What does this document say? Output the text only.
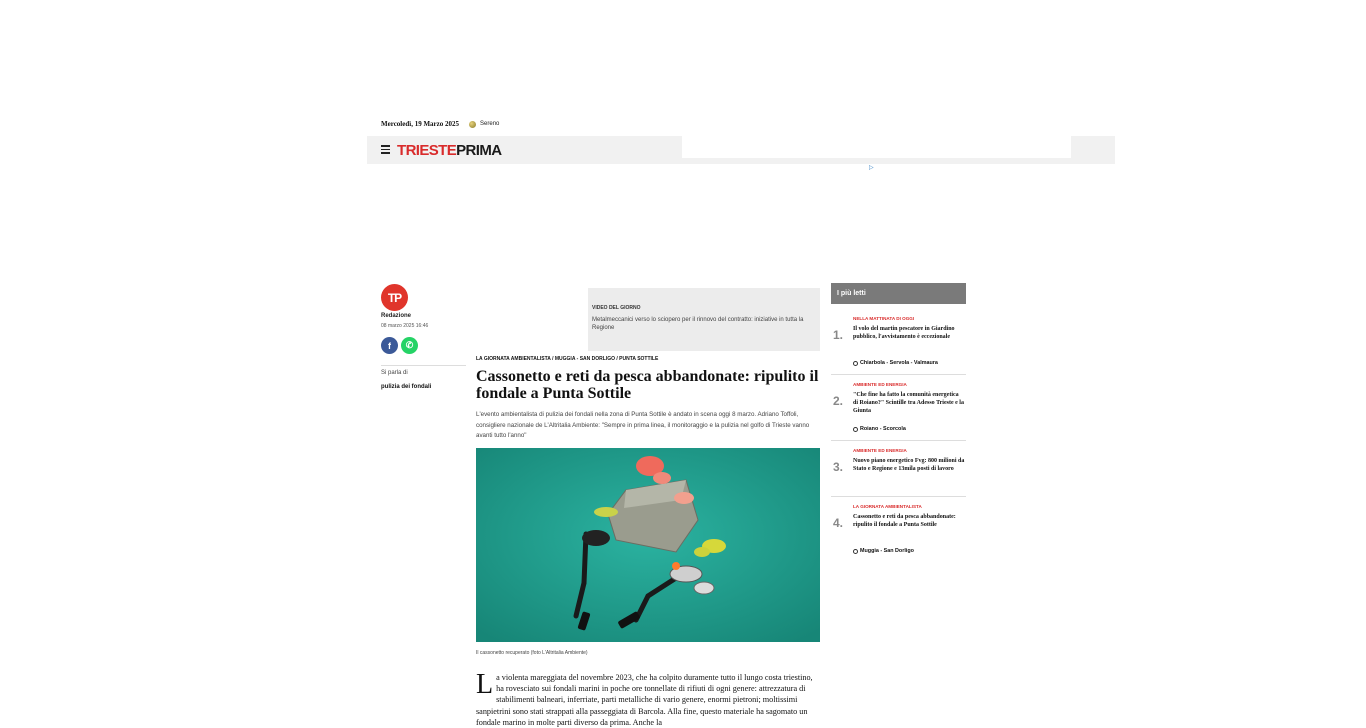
Mercoledì, 19 Marzo 2025	Sereno
TRIESTEPRIMA
▷
TP
Redazione
08 marzo 2025 16:46
f	✆
Si parla di
pulizia dei fondali
VIDEO DEL GIORNO
Metalmeccanici verso lo sciopero per il rinnovo del contratto: iniziative in tutta la Regione
LA GIORNATA AMBIENTALISTA / MUGGIA - SAN DORLIGO / PUNTA SOTTILE
Cassonetto e reti da pesca abbandonate: ripulito il fondale a Punta Sottile
L'evento ambientalista di pulizia dei fondali nella zona di Punta Sottile è andato in scena oggi 8 marzo. Adriano Toffoli, consigliere nazionale de L'Altritalia Ambiente: "Sempre in prima linea, il monitoraggio e la pulizia nel golfo di Trieste vanno avanti tutto l'anno"
Il cassonetto recuperato (foto L'Altritalia Ambiente)
La violenta mareggiata del novembre 2023, che ha colpito duramente tutto il lungo costa triestino, ha rovesciato sui fondali marini in poche ore tonnellate di rifiuti di ogni genere: attrezzatura di stabilimenti balneari, inferriate, parti metalliche di vario genere, enormi pietroni; moltissimi sanpietrini sono stati strappati alla passeggiata di Barcola. Alla fine, questo materiale ha sagomato un fondale marino in molte parti diverso da prima. Anche la
I più letti
1.
NELLA MATTINATA DI OGGI
Il volo del martin pescatore in Giardino pubblico, l'avvistamento è eccezionale
Chiarbola - Servola - Valmaura
2.
AMBIENTE ED ENERGIA
"Che fine ha fatto la comunità energetica di Roiano?" Scintille tra Adesso Trieste e la Giunta
Roiano - Scorcola
3.
AMBIENTE ED ENERGIA
Nuovo piano energetico Fvg: 800 milioni da Stato e Regione e 13mila posti di lavoro
4.
LA GIORNATA AMBIENTALISTA
Cassonetto e reti da pesca abbandonate: ripulito il fondale a Punta Sottile
Muggia - San Dorligo
